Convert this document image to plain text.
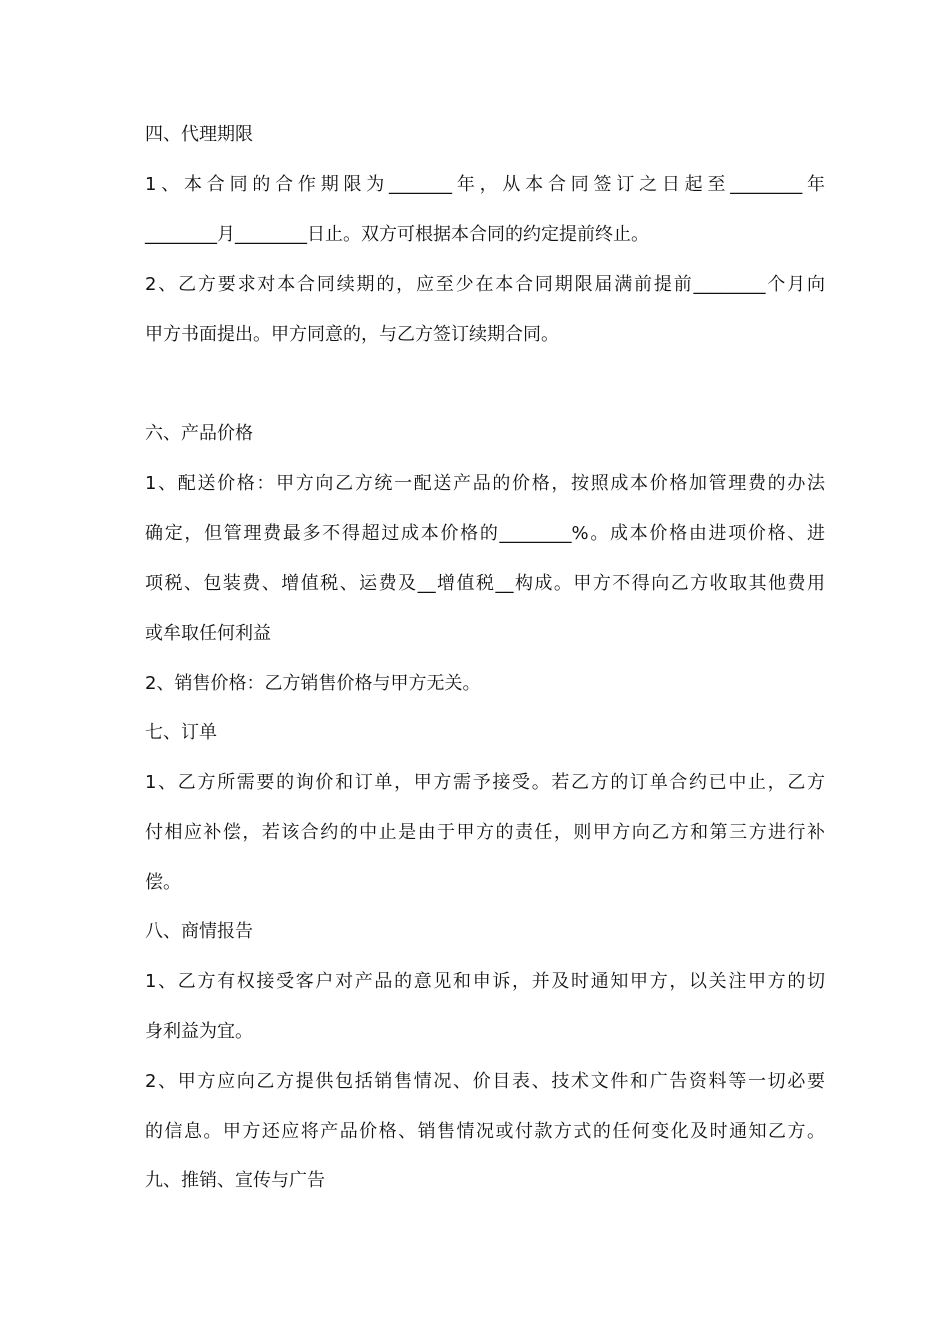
四、代理期限
1、本合同的合作期限为_______年，从本合同签订之日起至________年
________月________日止。双方可根据本合同的约定提前终止。
2、乙方要求对本合同续期的，应至少在本合同期限届满前提前________个月向
甲方书面提出。甲方同意的，与乙方签订续期合同。
六、产品价格
1、配送价格：甲方向乙方统一配送产品的价格，按照成本价格加管理费的办法
确定，但管理费最多不得超过成本价格的________%。成本价格由进项价格、进
项税、包装费、增值税、运费及__增值税__构成。甲方不得向乙方收取其他费用
或牟取任何利益
2、销售价格：乙方销售价格与甲方无关。
七、订单
1、乙方所需要的询价和订单，甲方需予接受。若乙方的订单合约已中止，乙方
付相应补偿，若该合约的中止是由于甲方的责任，则甲方向乙方和第三方进行补
偿。
八、商情报告
1、乙方有权接受客户对产品的意见和申诉，并及时通知甲方，以关注甲方的切
身利益为宜。
2、甲方应向乙方提供包括销售情况、价目表、技术文件和广告资料等一切必要
的信息。甲方还应将产品价格、销售情况或付款方式的任何变化及时通知乙方。
九、推销、宣传与广告
